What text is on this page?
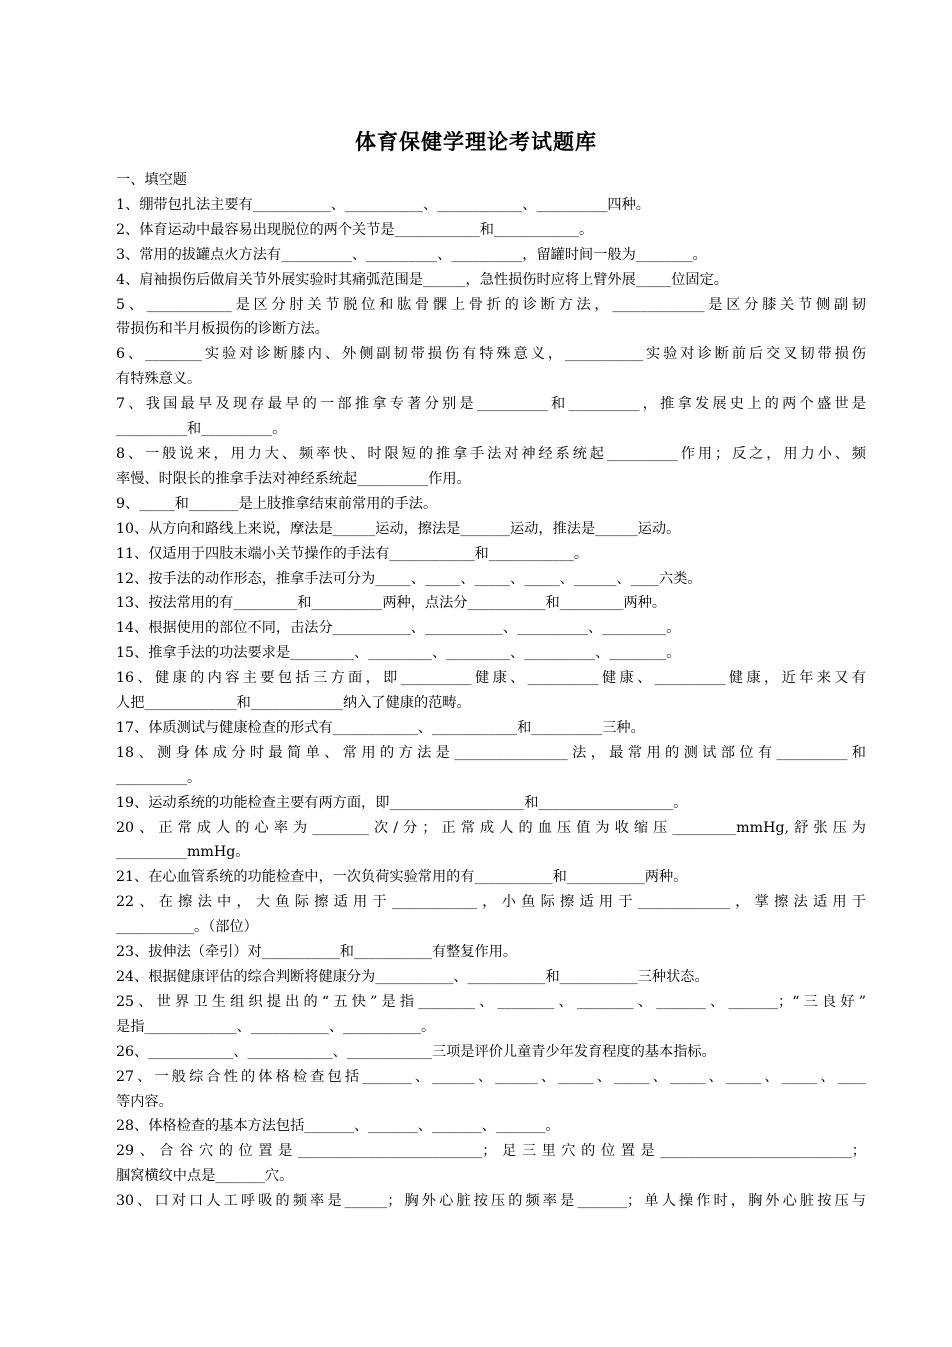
体育保健学理论考试题库
一、填空题
1、绷带包扎法主要有___________、___________、____________、__________四种。
2、体育运动中最容易出现脱位的两个关节是____________和____________。
3、常用的拔罐点火方法有__________、__________、__________，留罐时间一般为________。
4、肩袖损伤后做肩关节外展实验时其痛弧范围是______，急性损伤时应将上臂外展_____位固定。
5、____________是区分肘关节脱位和肱骨髁上骨折的诊断方法，_____________是区分膝关节侧副韧
带损伤和半月板损伤的诊断方法。
6、________实验对诊断膝内、外侧副韧带损伤有特殊意义，___________实验对诊断前后交叉韧带损伤
有特殊意义。
7、我国最早及现存最早的一部推拿专著分别是__________和__________，推拿发展史上的两个盛世是
__________和__________。
8、一般说来，用力大、频率快、时限短的推拿手法对神经系统起__________作用；反之，用力小、频
率慢、时限长的推拿手法对神经系统起__________作用。
9、_____和_______是上肢推拿结束前常用的手法。
10、从方向和路线上来说，摩法是______运动，擦法是_______运动，推法是______运动。
11、仅适用于四肢末端小关节操作的手法有____________和____________。
12、按手法的动作形态，推拿手法可分为_____、_____、_____、_____、______、____六类。
13、按法常用的有_________和__________两种，点法分___________和_________两种。
14、根据使用的部位不同，击法分___________、___________、__________、_________。
15、推拿手法的功法要求是_________、_________、_________、__________、________。
16、健康的内容主要包括三方面，即__________健康、__________健康、__________健康，近年来又有
人把_____________和_____________纳入了健康的范畴。
17、体质测试与健康检查的形式有____________、____________和__________三种。
18、测身体成分时最简单、常用的方法是________________法，最常用的测试部位有__________和
__________。
19、运动系统的功能检查主要有两方面，即___________________和___________________。
20、正常成人的心率为________次/分；正常成人的血压值为收缩压_________mmHg,舒张压为
__________mmHg。
21、在心血管系统的功能检查中，一次负荷实验常用的有___________和___________两种。
22、在擦法中，大鱼际擦适用于____________，小鱼际擦适用于_____________，掌擦法适用于
___________。（部位）
23、拔伸法（牵引）对___________和___________有整复作用。
24、根据健康评估的综合判断将健康分为___________、___________和___________三种状态。
25、世界卫生组织提出的“五快”是指________、________、________、_______、_______；“三良好”
是指_____________、___________、___________。
26、____________、____________、____________三项是评价儿童青少年发育程度的基本指标。
27、一般综合性的体格检查包括_______、______、______、_____、_____、_____、_____、_____、____
等内容。
28、体格检查的基本方法包括_______、_______、_______、_______。
29、合谷穴的位置是__________________________；足三里穴的位置是___________________________；
腘窝横纹中点是_______穴。
30、口对口人工呼吸的频率是______；胸外心脏按压的频率是_______；单人操作时，胸外心脏按压与
